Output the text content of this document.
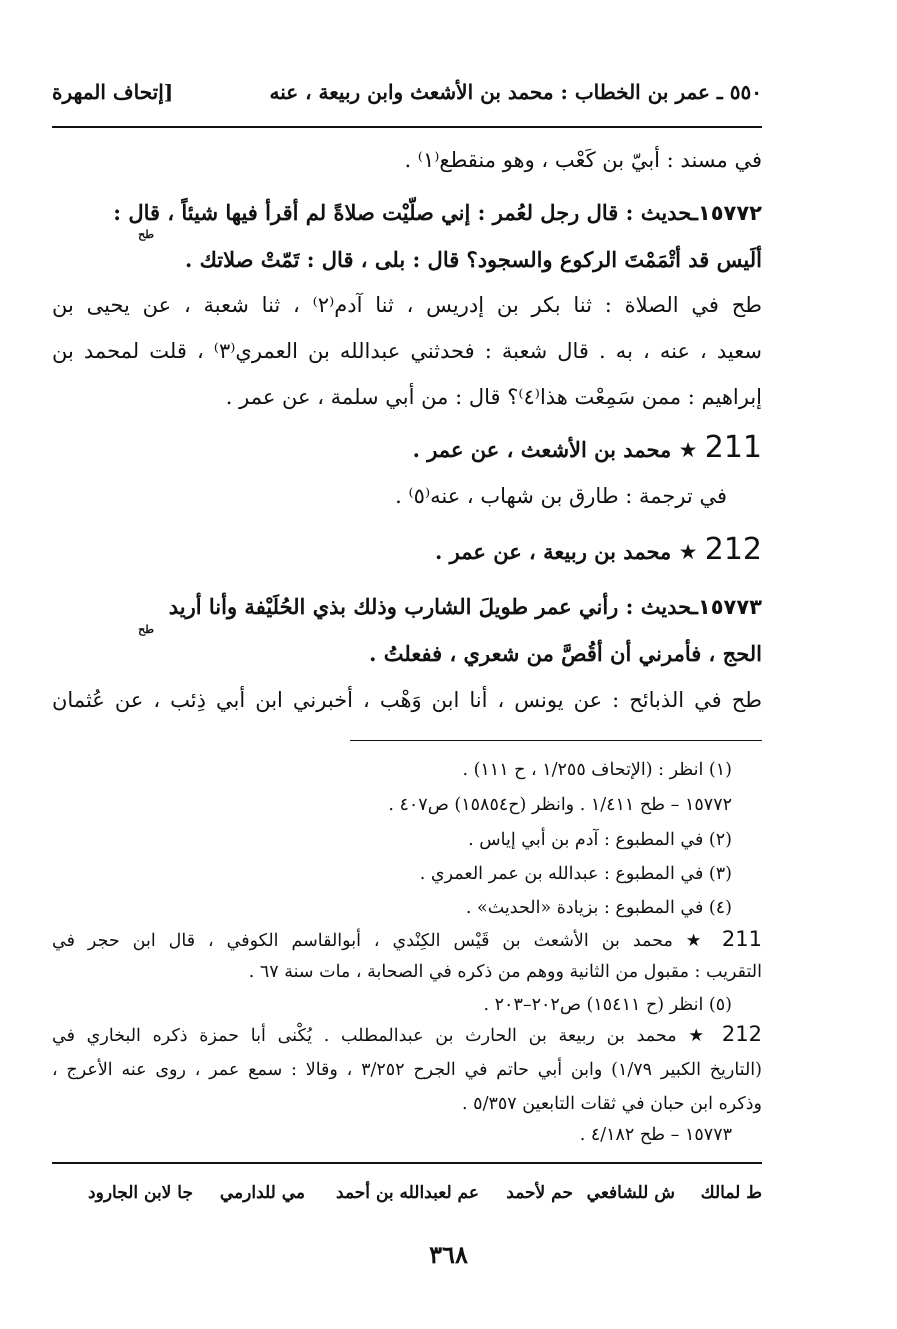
٥٥٠ ـ عمر بن الخطاب : محمد بن الأشعث وابن ربيعة ، عنه
[إتحاف المهرة
في مسند : أبيّ بن كَعْب ، وهو منقطع⁽١⁾ .
١٥٧٧٢ـحديث : قال رجل لعُمر : إني صلّيْت صلاةً لم أقرأ فيها شيئاً ، قال :
طح
ألَيس قد أتْمَمْتَ الركوع والسجود؟ قال : بلى ، قال : تَمّتْ صلاتك .
طح في الصلاة : ثنا بكر بن إدريس ، ثنا آدم⁽٢⁾ ، ثنا شعبة ، عن يحيى بن
سعيد ، عنه ، به . قال شعبة : فحدثني عبدالله بن العمري⁽٣⁾ ، قلت لمحمد بن
إبراهيم : ممن سَمِعْت هذا⁽٤⁾؟ قال : من أبي سلمة ، عن عمر .
211 ★ محمد بن الأشعث ، عن عمر .
في ترجمة : طارق بن شهاب ، عنه⁽٥⁾ .
212 ★ محمد بن ربيعة ، عن عمر .
١٥٧٧٣ـحديث : رأني عمر طويلَ الشارب وذلك بذي الحُلَيْفة وأنا أريد
طح
الحج ، فأمرني أن أقُصَّ من شعري ، ففعلتُ .
طح في الذبائح : عن يونس ، أنا ابن وَهْب ، أخبرني ابن أبي ذِئب ، عن عُثمان
(١) انظر : (الإتحاف ١/٢٥٥ ، ح ١١١) .
١٥٧٧٢ – طح ١/٤١١ . وانظر (ح١٥٨٥٤) ص٤٠٧ .
(٢) في المطبوع : آدم بن أبي إياس .
(٣) في المطبوع : عبدالله بن عمر العمري .
(٤) في المطبوع : بزيادة «الحديث» .
211 ★ محمد بن الأشعث بن قَيْس الكِنْدي ، أبوالقاسم الكوفي ، قال ابن حجر في
التقريب : مقبول من الثانية ووهم من ذكره في الصحابة ، مات سنة ٦٧ .
(٥) انظر (ح ١٥٤١١) ص٢٠٢–٢٠٣ .
212 ★ محمد بن ربيعة بن الحارث بن عبدالمطلب . يُكْنى أبا حمزة ذكره البخاري في
(التاريخ الكبير ١/٧٩) وابن أبي حاتم في الجرح ٣/٢٥٢ ، وقالا : سمع عمر ، روى عنه الأعرج ،
وذكره ابن حبان في ثقات التابعين ٥/٣٥٧ .
١٥٧٧٣ – طح ٤/١٨٢ .
ط لمالك
ش للشافعي
حم لأحمد
عم لعبدالله بن أحمد
مي للدارمي
جا لابن الجارود
٣٦٨
